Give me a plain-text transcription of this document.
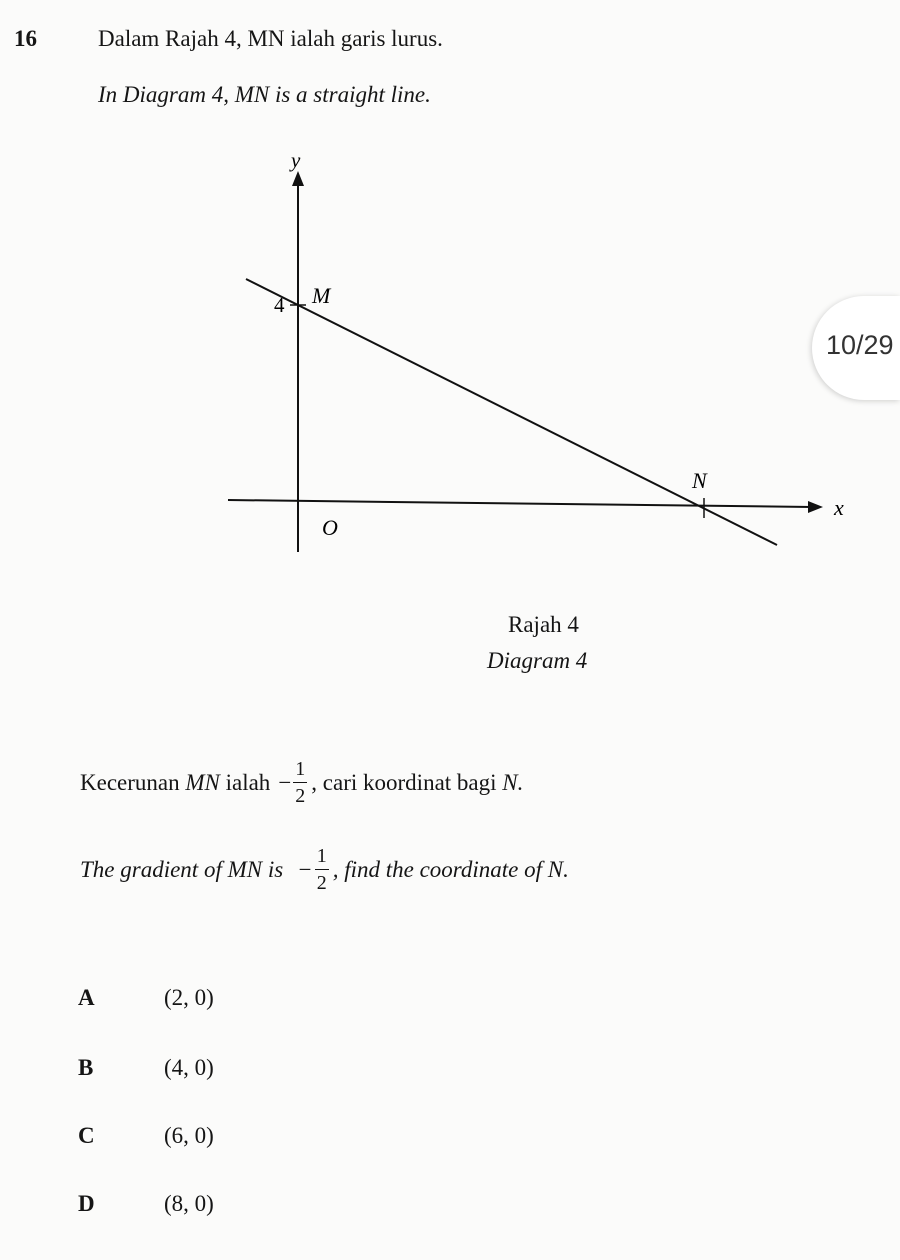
16	Dalam Rajah 4, MN ialah garis lurus.
In Diagram 4, MN is a straight line.
y
x
O
M
N
4
Rajah 4
Diagram 4
Kecerunan
MN
ialah − $\frac{1}{2}$ , cari koordinat bagi
N.
The gradient of MN is − $\frac{1}{2}$ , find the coordinate of N.
A	(2, 0)
B	(4, 0)
C	(6, 0)
D	(8, 0)
10/29
